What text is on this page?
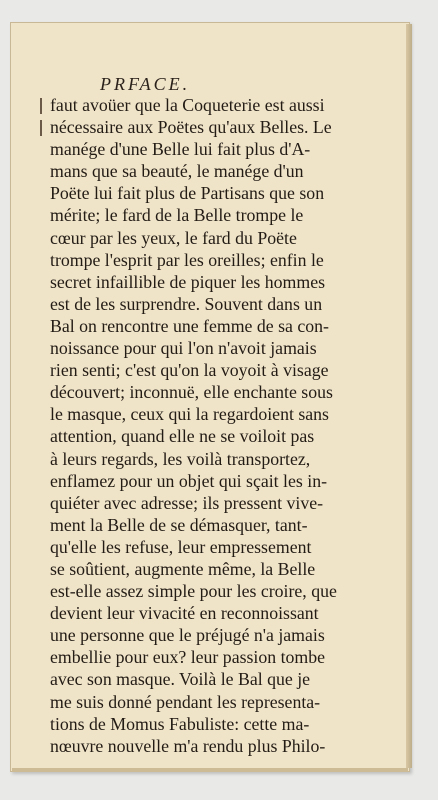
PRFACE.
faut avoüer que la Coqueterie est aussi
nécessaire aux Poëtes qu'aux Belles. Le
manége d'une Belle lui fait plus d'A-
mans que sa beauté, le manége d'un
Poëte lui fait plus de Partisans que son
mérite; le fard de la Belle trompe le
cœur par les yeux, le fard du Poëte
trompe l'esprit par les oreilles; enfin le
secret infaillible de piquer les hommes
est de les surprendre. Souvent dans un
Bal on rencontre une femme de sa con-
noissance pour qui l'on n'avoit jamais
rien senti; c'est qu'on la voyoit à visage
découvert; inconnuë, elle enchante sous
le masque, ceux qui la regardoient sans
attention, quand elle ne se voiloit pas
à leurs regards, les voilà transportez,
enflamez pour un objet qui sçait les in-
quiéter avec adresse; ils pressent vive-
ment la Belle de se démasquer, tant-
qu'elle les refuse, leur empressement
se soûtient, augmente même, la Belle
est-elle assez simple pour les croire, que
devient leur vivacité en reconnoissant
une personne que le préjugé n'a jamais
embellie pour eux? leur passion tombe
avec son masque. Voilà le Bal que je
me suis donné pendant les representa-
tions de Momus Fabuliste: cette ma-
nœuvre nouvelle m'a rendu plus Philo-
